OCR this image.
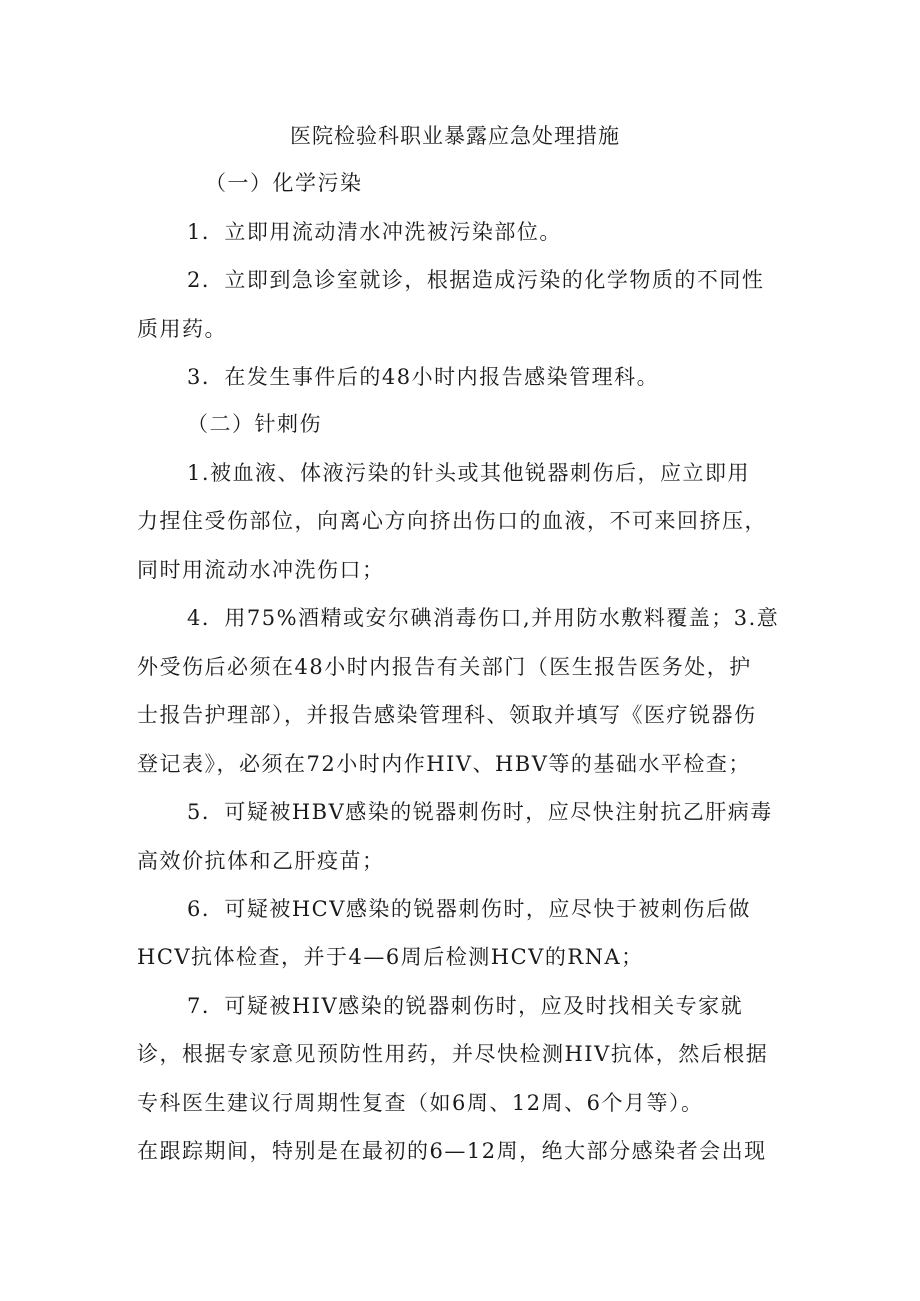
医院检验科职业暴露应急处理措施
（一）化学污染
1．立即用流动清水冲洗被污染部位。
2．立即到急诊室就诊，根据造成污染的化学物质的不同性
质用药。
3．在发生事件后的48小时内报告感染管理科。
（二）针刺伤
1.被血液、体液污染的针头或其他锐器刺伤后，应立即用
力捏住受伤部位，向离心方向挤出伤口的血液，不可来回挤压，
同时用流动水冲洗伤口；
4．用75%酒精或安尔碘消毒伤口,并用防水敷料覆盖；3.意
外受伤后必须在48小时内报告有关部门（医生报告医务处，护
士报告护理部），并报告感染管理科、领取并填写《医疗锐器伤
登记表》，必须在72小时内作HIV、HBV等的基础水平检查；
5．可疑被HBV感染的锐器刺伤时，应尽快注射抗乙肝病毒
高效价抗体和乙肝疫苗；
6．可疑被HCV感染的锐器刺伤时，应尽快于被刺伤后做
HCV抗体检查，并于4—6周后检测HCV的RNA；
7．可疑被HIV感染的锐器刺伤时，应及时找相关专家就
诊，根据专家意见预防性用药，并尽快检测HIV抗体，然后根据
专科医生建议行周期性复查（如6周、12周、6个月等）。
在跟踪期间，特别是在最初的6—12周，绝大部分感染者会出现
